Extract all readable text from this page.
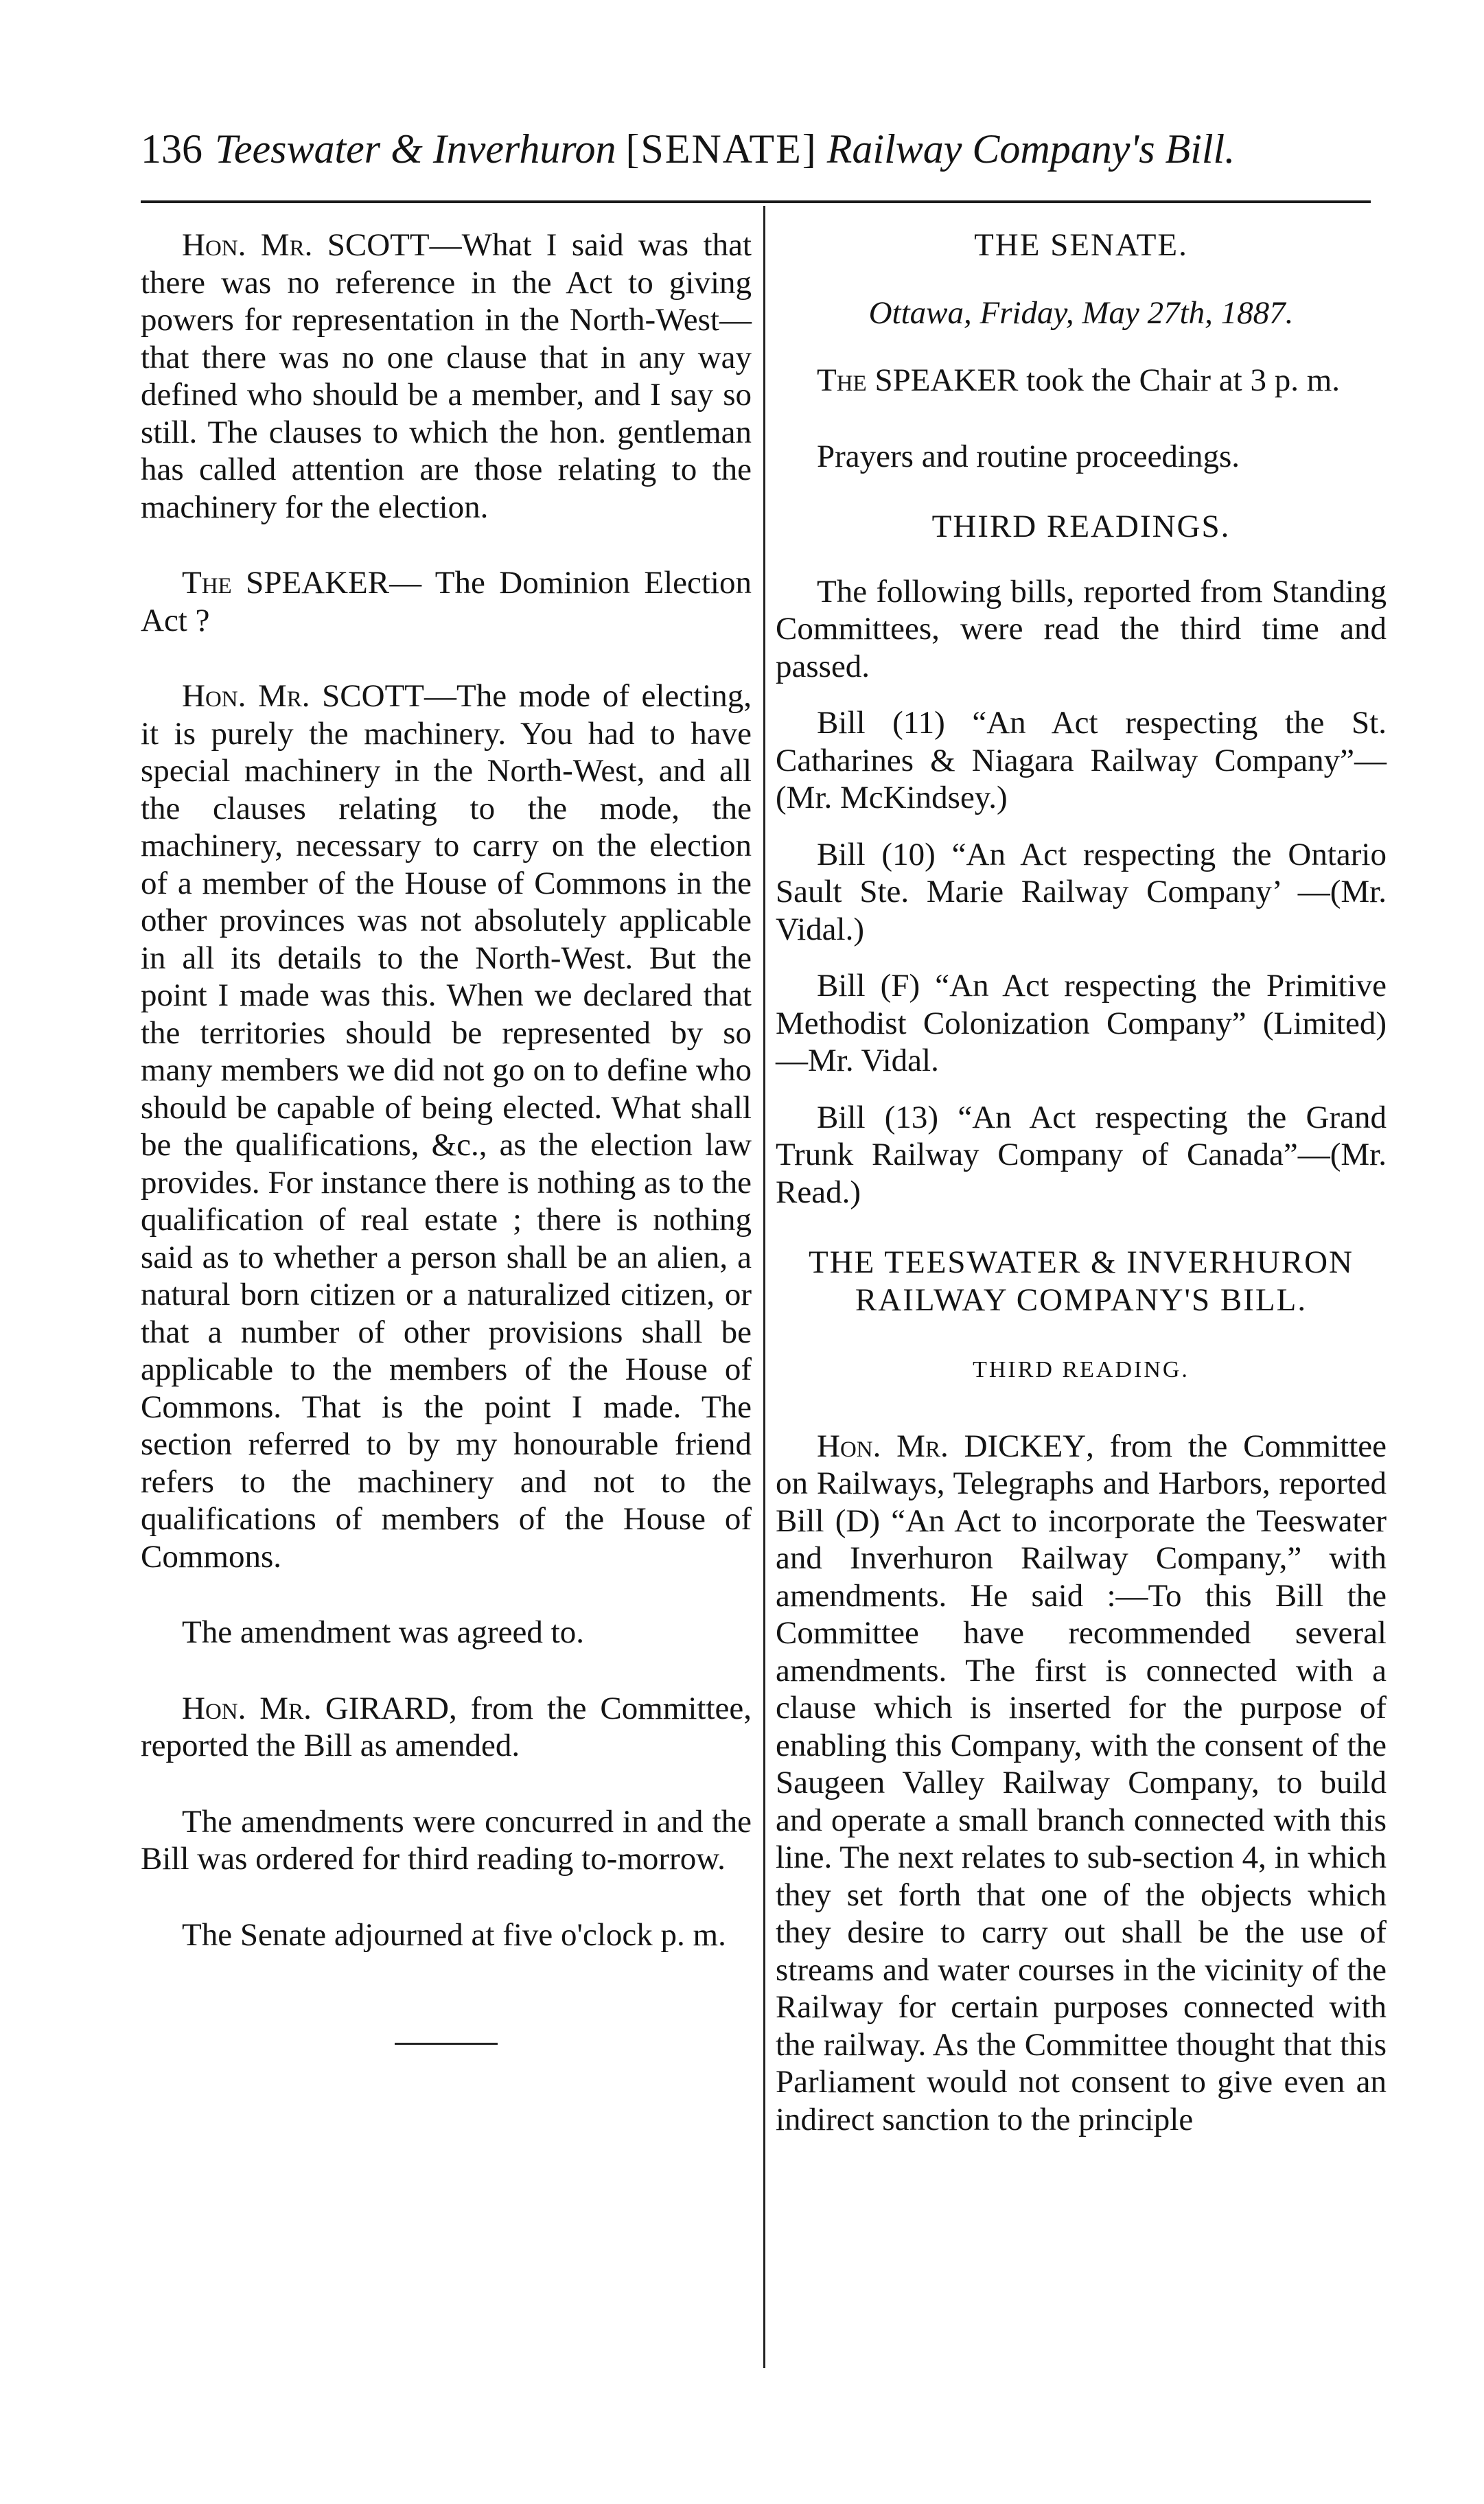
136 Teeswater & Inverhuron [SENATE] Railway Company's Bill.

Hon. Mr. SCOTT—What I said was that there was no reference in the Act to giving powers for representation in the North-West—that there was no one clause that in any way defined who should be a member, and I say so still. The clauses to which the hon. gentleman has called attention are those relating to the machinery for the election.

The SPEAKER— The Dominion Election Act ?

Hon. Mr. SCOTT—The mode of electing, it is purely the machinery. You had to have special machinery in the North-West, and all the clauses relating to the mode, the machinery, necessary to carry on the election of a member of the House of Commons in the other provinces was not absolutely applicable in all its details to the North-West. But the point I made was this. When we declared that the territories should be represented by so many members we did not go on to define who should be capable of being elected. What shall be the qualifications, &c., as the election law provides. For instance there is nothing as to the qualification of real estate ; there is nothing said as to whether a person shall be an alien, a natural born citizen or a naturalized citizen, or that a number of other provisions shall be applicable to the members of the House of Commons. That is the point I made. The section referred to by my honourable friend refers to the machinery and not to the qualifications of members of the House of Commons.

The amendment was agreed to.

Hon. Mr. GIRARD, from the Committee, reported the Bill as amended.

The amendments were concurred in and the Bill was ordered for third reading to-morrow.

The Senate adjourned at five o'clock p. m.

THE SENATE.
Ottawa, Friday, May 27th, 1887.

The SPEAKER took the Chair at 3 p. m.

Prayers and routine proceedings.

THIRD READINGS.

The following bills, reported from Standing Committees, were read the third time and passed.

Bill (11) “An Act respecting the St. Catharines & Niagara Railway Company”— (Mr. McKindsey.)

Bill (10) “An Act respecting the Ontario Sault Ste. Marie Railway Company’ —(Mr. Vidal.)

Bill (F) “An Act respecting the Primitive Methodist Colonization Company” (Limited)—Mr. Vidal.

Bill (13) “An Act respecting the Grand Trunk Railway Company of Canada”—(Mr. Read.)

THE TEESWATER & INVERHURON RAILWAY COMPANY'S BILL.
THIRD READING.

Hon. Mr. DICKEY, from the Committee on Railways, Telegraphs and Harbors, reported Bill (D) “An Act to incorporate the Teeswater and Inverhuron Railway Company,” with amendments. He said :—To this Bill the Committee have recommended several amendments. The first is connected with a clause which is inserted for the purpose of enabling this Company, with the consent of the Saugeen Valley Railway Company, to build and operate a small branch connected with this line. The next relates to sub-section 4, in which they set forth that one of the objects which they desire to carry out shall be the use of streams and water courses in the vicinity of the Railway for certain purposes connected with the railway. As the Committee thought that this Parliament would not consent to give even an indirect sanction to the principle
